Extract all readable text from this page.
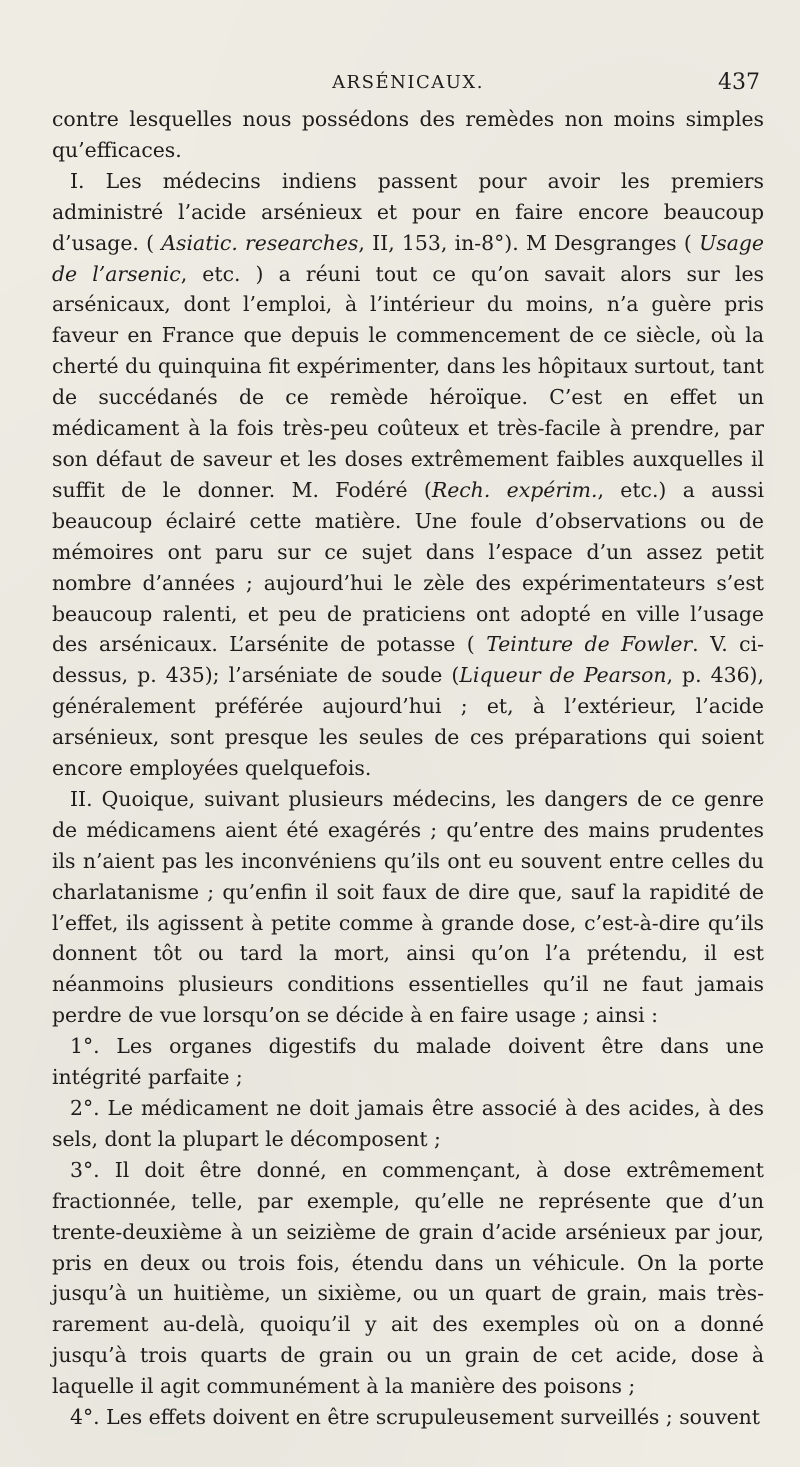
ARSÉNICAUX.	437

contre lesquelles nous possédons des remèdes non moins simples qu’efficaces.

I. Les médecins indiens passent pour avoir les premiers administré l’acide arsénieux et pour en faire encore beaucoup d’usage. ( Asiatic. researches, II, 153, in-8°). M Desgranges ( Usage de l’arsenic, etc. ) a réuni tout ce qu’on savait alors sur les arsénicaux, dont l’emploi, à l’intérieur du moins, n’a guère pris faveur en France que depuis le commencement de ce siècle, où la cherté du quinquina fit expérimenter, dans les hôpitaux surtout, tant de succédanés de ce remède héroïque. C’est en effet un médicament à la fois très-peu coûteux et très-facile à prendre, par son défaut de saveur et les doses extrêmement faibles auxquelles il suffit de le donner. M. Fodéré (Rech. expérim., etc.) a aussi beaucoup éclairé cette matière. Une foule d’observations ou de mémoires ont paru sur ce sujet dans l’espace d’un assez petit nombre d’années ; aujourd’hui le zèle des expérimentateurs s’est beaucoup ralenti, et peu de praticiens ont adopté en ville l’usage des arsénicaux. L’arsénite de potasse ( Teinture de Fowler. V. ci-dessus, p. 435); l’arséniate de soude (Liqueur de Pearson, p. 436), généralement préférée aujourd’hui ; et, à l’extérieur, l’acide arsénieux, sont presque les seules de ces préparations qui soient encore employées quelquefois.

II. Quoique, suivant plusieurs médecins, les dangers de ce genre de médicamens aient été exagérés ; qu’entre des mains prudentes ils n’aient pas les inconvéniens qu’ils ont eu souvent entre celles du charlatanisme ; qu’enfin il soit faux de dire que, sauf la rapidité de l’effet, ils agissent à petite comme à grande dose, c’est-à-dire qu’ils donnent tôt ou tard la mort, ainsi qu’on l’a prétendu, il est néanmoins plusieurs conditions essentielles qu’il ne faut jamais perdre de vue lorsqu’on se décide à en faire usage ; ainsi :

1°. Les organes digestifs du malade doivent être dans une intégrité parfaite ;

2°. Le médicament ne doit jamais être associé à des acides, à des sels, dont la plupart le décomposent ;

3°. Il doit être donné, en commençant, à dose extrêmement fractionnée, telle, par exemple, qu’elle ne représente que d’un trente-deuxième à un seizième de grain d’acide arsénieux par jour, pris en deux ou trois fois, étendu dans un véhicule. On la porte jusqu’à un huitième, un sixième, ou un quart de grain, mais très-rarement au-delà, quoiqu’il y ait des exemples où on a donné jusqu’à trois quarts de grain ou un grain de cet acide, dose à laquelle il agit communément à la manière des poisons ;

4°. Les effets doivent en être scrupuleusement surveillés ; souvent
